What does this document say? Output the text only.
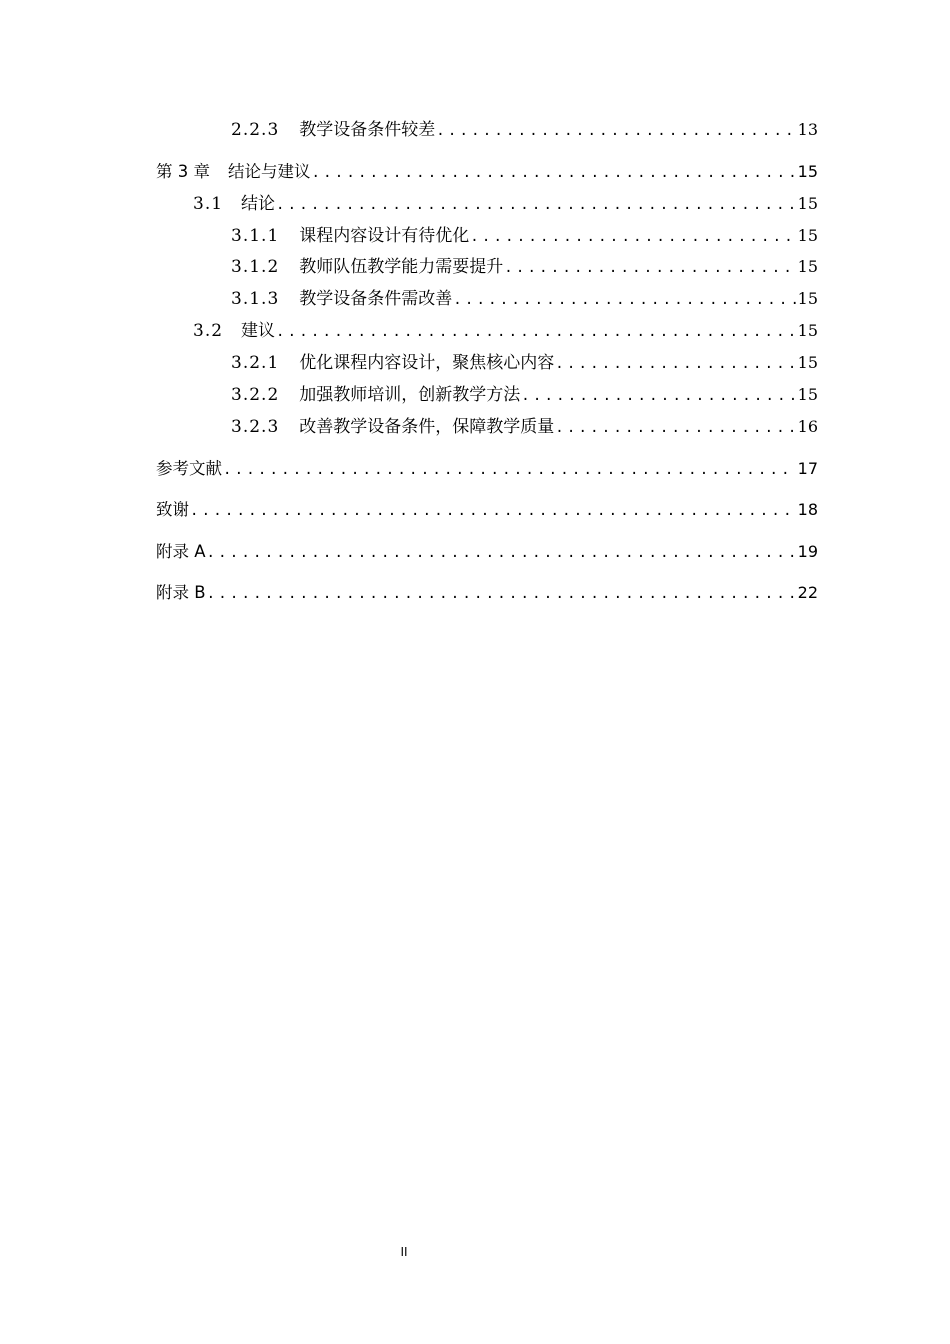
2.2.3 教学设备条件较差 .....	13
第 3 章 结论与建议 .....	15
3.1 结论 .....	15
3.1.1 课程内容设计有待优化 .....	15
3.1.2 教师队伍教学能力需要提升 .....	15
3.1.3 教学设备条件需改善 .....	15
3.2 建议 .....	15
3.2.1 优化课程内容设计，聚焦核心内容 .....	15
3.2.2 加强教师培训，创新教学方法 .....	15
3.2.3 改善教学设备条件，保障教学质量 .....	16
参考文献 .....	17
致谢 .....	18
附录 A .....	19
附录 B .....	22
II
